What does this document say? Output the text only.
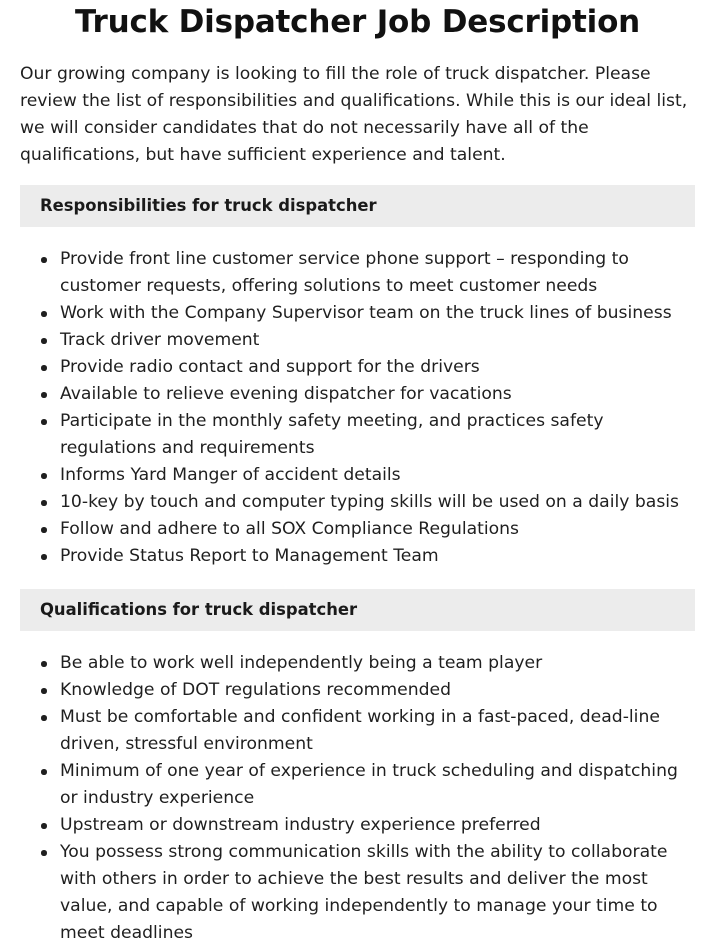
Truck Dispatcher Job Description

Our growing company is looking to fill the role of truck dispatcher. Please review the list of responsibilities and qualifications. While this is our ideal list, we will consider candidates that do not necessarily have all of the qualifications, but have sufficient experience and talent.

Responsibilities for truck dispatcher
Provide front line customer service phone support – responding to customer requests, offering solutions to meet customer needs
Work with the Company Supervisor team on the truck lines of business
Track driver movement
Provide radio contact and support for the drivers
Available to relieve evening dispatcher for vacations
Participate in the monthly safety meeting, and practices safety regulations and requirements
Informs Yard Manger of accident details
10-key by touch and computer typing skills will be used on a daily basis
Follow and adhere to all SOX Compliance Regulations
Provide Status Report to Management Team
Qualifications for truck dispatcher
Be able to work well independently being a team player
Knowledge of DOT regulations recommended
Must be comfortable and confident working in a fast-paced, dead-line driven, stressful environment
Minimum of one year of experience in truck scheduling and dispatching or industry experience
Upstream or downstream industry experience preferred
You possess strong communication skills with the ability to collaborate with others in order to achieve the best results and deliver the most value, and capable of working independently to manage your time to meet deadlines
